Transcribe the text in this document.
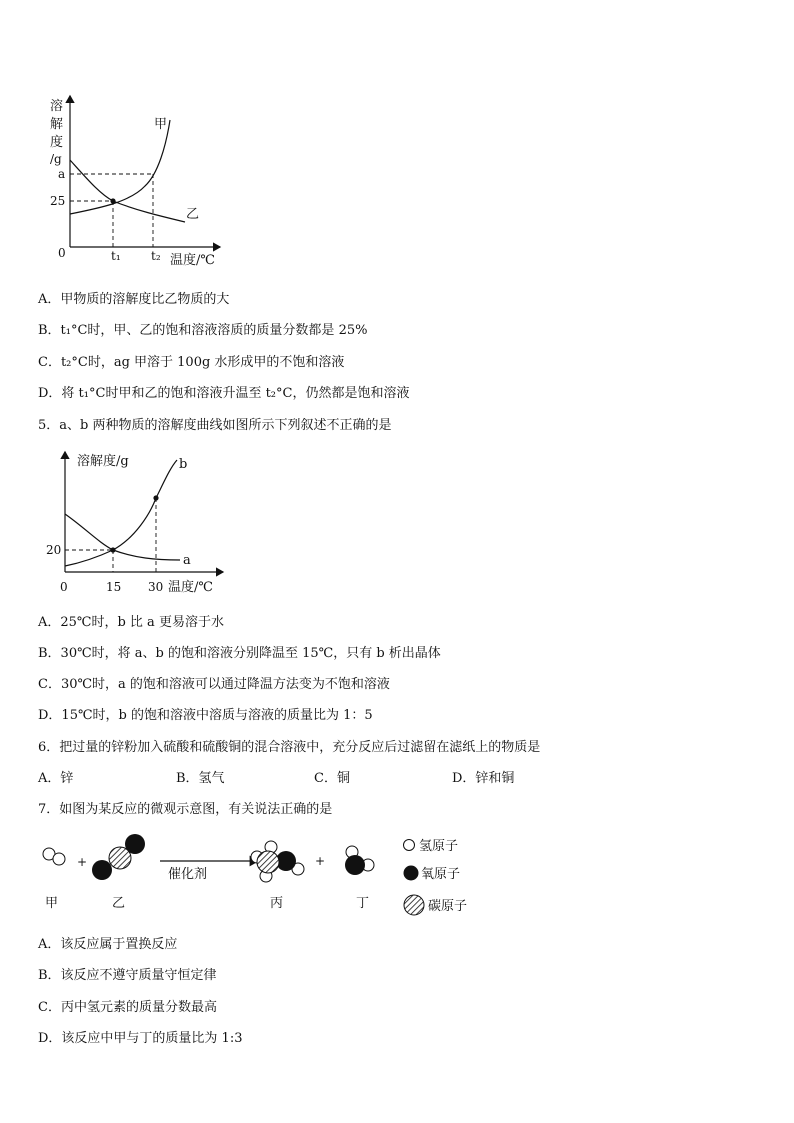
溶
解
度
/g
a
25
0	t₁	t₂ 温度/℃
甲
乙
A．甲物质的溶解度比乙物质的大
B．t₁°C时，甲、乙的饱和溶液溶质的质量分数都是 25%
C．t₂°C时，ag 甲溶于 100g 水形成甲的不饱和溶液
D．将 t₁°C时甲和乙的饱和溶液升温至 t₂°C，仍然都是饱和溶液
5．a、b 两种物质的溶解度曲线如图所示下列叙述不正确的是
溶解度/g
20
0	15 30 温度/℃
a
b
A．25℃时，b 比 a 更易溶于水
B．30℃时，将 a、b 的饱和溶液分别降温至 15℃，只有 b 析出晶体
C．30℃时，a 的饱和溶液可以通过降温方法变为不饱和溶液
D．15℃时，b 的饱和溶液中溶质与溶液的质量比为 1：5
6．把过量的锌粉加入硫酸和硫酸铜的混合溶液中，充分反应后过滤留在滤纸上的物质是
A．锌	B．氢气	C．铜	D．锌和铜
7．如图为某反应的微观示意图，有关说法正确的是
+
催化剂
+
甲	乙	丙	丁
氢原子
氧原子
碳原子
A．该反应属于置换反应
B．该反应不遵守质量守恒定律
C．丙中氢元素的质量分数最高
D．该反应中甲与丁的质量比为 1:3
